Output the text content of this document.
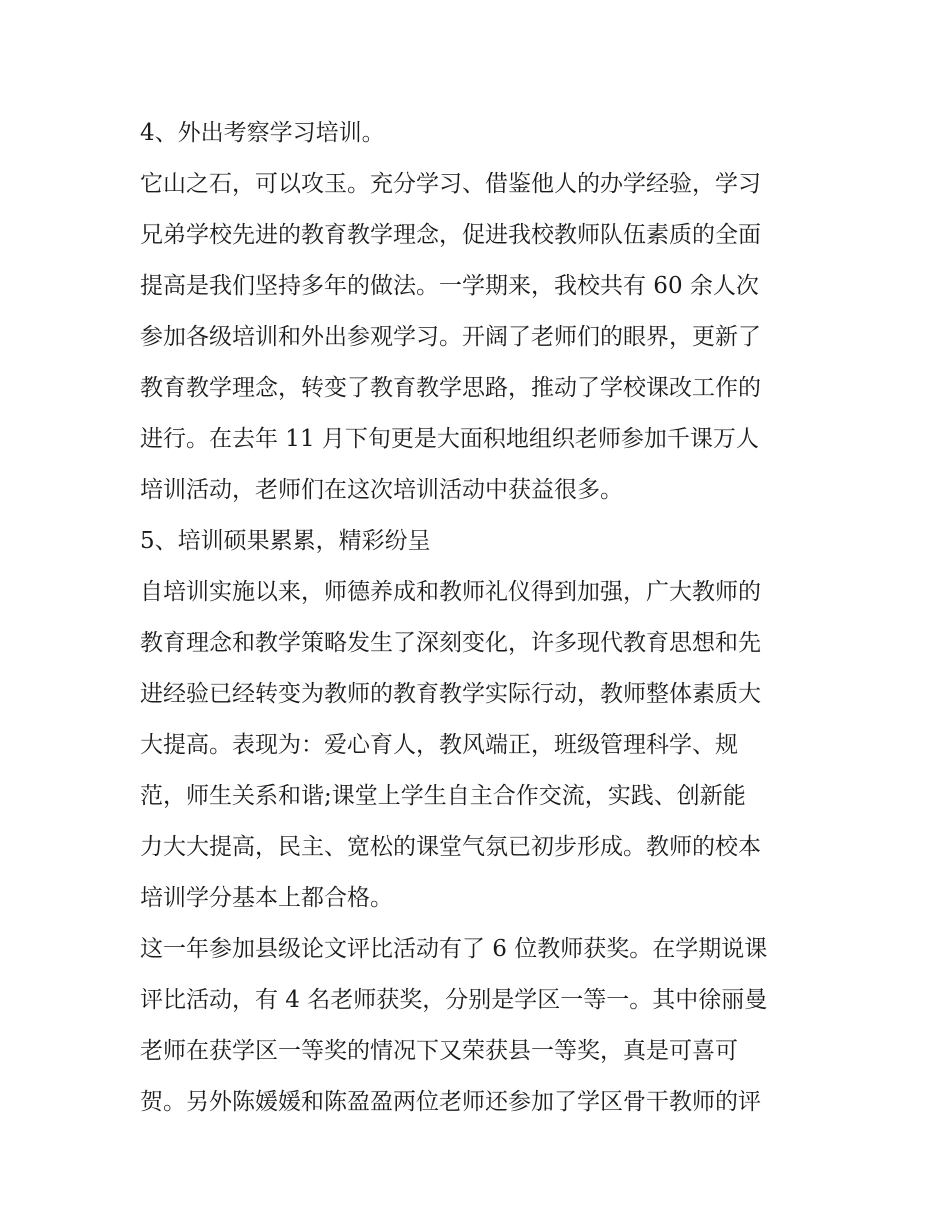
4、外出考察学习培训。
它山之石，可以攻玉。充分学习、借鉴他人的办学经验，学习
兄弟学校先进的教育教学理念，促进我校教师队伍素质的全面
提高是我们坚持多年的做法。一学期来，我校共有 60 余人次
参加各级培训和外出参观学习。开阔了老师们的眼界，更新了
教育教学理念，转变了教育教学思路，推动了学校课改工作的
进行。在去年 11 月下旬更是大面积地组织老师参加千课万人
培训活动，老师们在这次培训活动中获益很多。
5、培训硕果累累，精彩纷呈
自培训实施以来，师德养成和教师礼仪得到加强，广大教师的
教育理念和教学策略发生了深刻变化，许多现代教育思想和先
进经验已经转变为教师的教育教学实际行动，教师整体素质大
大提高。表现为：爱心育人，教风端正，班级管理科学、规
范，师生关系和谐;课堂上学生自主合作交流，实践、创新能
力大大提高，民主、宽松的课堂气氛已初步形成。教师的校本
培训学分基本上都合格。
这一年参加县级论文评比活动有了 6 位教师获奖。在学期说课
评比活动，有 4 名老师获奖，分别是学区一等一。其中徐丽曼
老师在获学区一等奖的情况下又荣获县一等奖，真是可喜可
贺。另外陈媛媛和陈盈盈两位老师还参加了学区骨干教师的评
